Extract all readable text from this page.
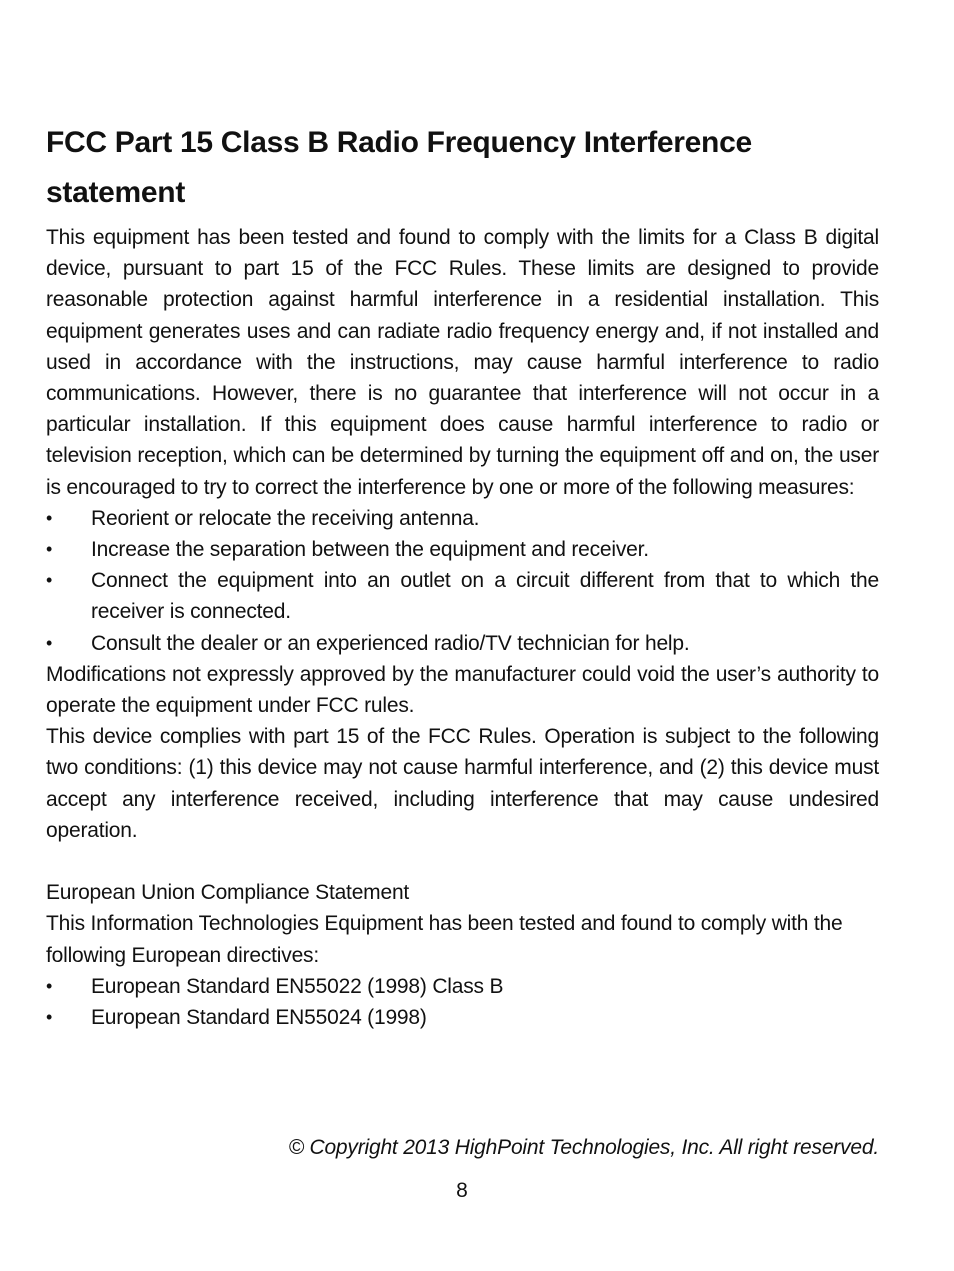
FCC Part 15 Class B Radio Frequency Interference statement

This equipment has been tested and found to comply with the limits for a Class B digital device, pursuant to part 15 of the FCC Rules. These limits are designed to provide reasonable protection against harmful interference in a residential installation. This equipment generates uses and can radiate radio frequency energy and, if not installed and used in accordance with the instructions, may cause harmful interference to radio communications. However, there is no guarantee that interference will not occur in a particular installation. If this equipment does cause harmful interference to radio or television reception, which can be determined by turning the equipment off and on, the user is encouraged to try to correct the interference by one or more of the following measures:

•	Reorient or relocate the receiving antenna.
•	Increase the separation between the equipment and receiver.
•	Connect the equipment into an outlet on a circuit different from that to which the receiver is connected.
•	Consult the dealer or an experienced radio/TV technician for help.

Modifications not expressly approved by the manufacturer could void the user’s authority to operate the equipment under FCC rules.

This device complies with part 15 of the FCC Rules. Operation is subject to the following two conditions: (1) this device may not cause harmful interference, and (2) this device must accept any interference received, including interference that may cause undesired operation.

European Union Compliance Statement

This Information Technologies Equipment has been tested and found to comply with the following European directives:

•	European Standard EN55022 (1998) Class B
•	European Standard EN55024 (1998)
© Copyright 2013 HighPoint Technologies, Inc. All right reserved.
8
